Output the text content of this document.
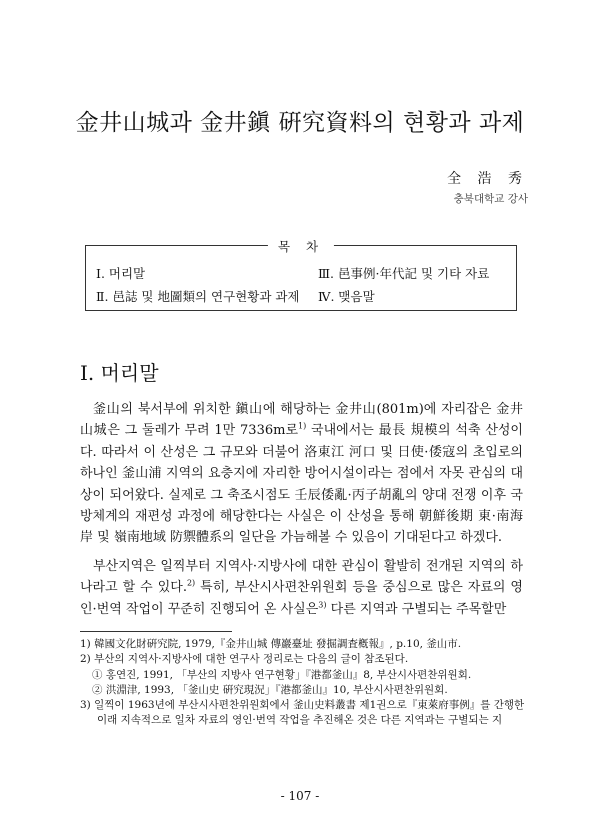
金井山城과 金井鎭 硏究資料의 현황과 과제
全 浩 秀
충북대학교 강사
목 차
Ⅰ. 머리말
Ⅱ. 邑誌 및 地圖類의 연구현황과 과제
Ⅲ. 邑事例·年代記 및 기타 자료
Ⅳ. 맺음말
Ⅰ. 머리말

釜山의 북서부에 위치한 鎭山에 해당하는 金井山(801m)에 자리잡은 金井山城은 그 둘레가 무려 1만 7336m로$^{1)}$ 국내에서는 最長 規模의 석축 산성이다. 따라서 이 산성은 그 규모와 더불어 洛東江 河口 및 日使·倭寇의 초입로의 하나인 釜山浦 지역의 요충지에 자리한 방어시설이라는 점에서 자못 관심의 대상이 되어왔다. 실제로 그 축조시점도 壬辰倭亂·丙子胡亂의 양대 전쟁 이후 국방체계의 재편성 과정에 해당한다는 사실은 이 산성을 통해 朝鮮後期 東·南海岸 및 嶺南地域 防禦體系의 일단을 가늠해볼 수 있음이 기대된다고 하겠다.

부산지역은 일찍부터 지역사·지방사에 대한 관심이 활발히 전개된 지역의 하나라고 할 수 있다.$^{2)}$ 특히, 부산시사편찬위원회 등을 중심으로 많은 자료의 영인·번역 작업이 꾸준히 진행되어 온 사실은$^{3)}$ 다른 지역과 구별되는 주목할만

1) 韓國文化財硏究院, 1979,『金井山城 傳巖臺址 發掘調査槪報』, p.10, 釜山市.
2) 부산의 지역사·지방사에 대한 연구사 정리로는 다음의 글이 참조된다.
① 홍연진, 1991, 「부산의 지방사 연구현황」『港都釜山』8, 부산시사편찬위원회.
② 洪淵津, 1993, 「釜山史 硏究現況」『港都釜山』10, 부산시사편찬위원회.
3) 일찍이 1963년에 부산시사편찬위원회에서 釜山史料叢書 제1권으로『東萊府事例』를 간행한
이래 지속적으로 일차 자료의 영인·번역 작업을 추진해온 것은 다른 지역과는 구별되는 지
- 107 -
